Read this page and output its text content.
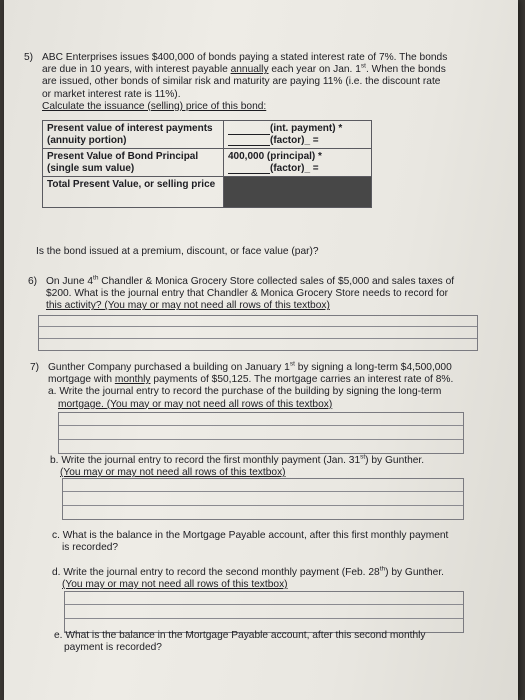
5) ABC Enterprises issues $400,000 of bonds paying a stated interest rate of 7%. The bonds
are due in 10 years, with interest payable annually each year on Jan. 1st. When the bonds
are issued, other bonds of similar risk and maturity are paying 11% (i.e. the discount rate
or market interest rate is 11%).
Calculate the issuance (selling) price of this bond:
Present value of interest payments (annuity portion)	(int. payment) *
(factor)_ =
Present Value of Bond Principal (single sum value)	400,000 (principal) *
(factor)_ =
Total Present Value, or selling price	
Is the bond issued at a premium, discount, or face value (par)?
6) On June 4th Chandler & Monica Grocery Store collected sales of $5,000 and sales taxes of
$200. What is the journal entry that Chandler & Monica Grocery Store needs to record for
this activity? (You may or may not need all rows of this textbox)
7) Gunther Company purchased a building on January 1st by signing a long-term $4,500,000
mortgage with monthly payments of $50,125. The mortgage carries an interest rate of 8%.
a. Write the journal entry to record the purchase of the building by signing the long-term
mortgage. (You may or may not need all rows of this textbox)
b. Write the journal entry to record the first monthly payment (Jan. 31st) by Gunther.
(You may or may not need all rows of this textbox)
c. What is the balance in the Mortgage Payable account, after this first monthly payment
is recorded?
d. Write the journal entry to record the second monthly payment (Feb. 28th) by Gunther.
(You may or may not need all rows of this textbox)
e. What is the balance in the Mortgage Payable account, after this second monthly
payment is recorded?
